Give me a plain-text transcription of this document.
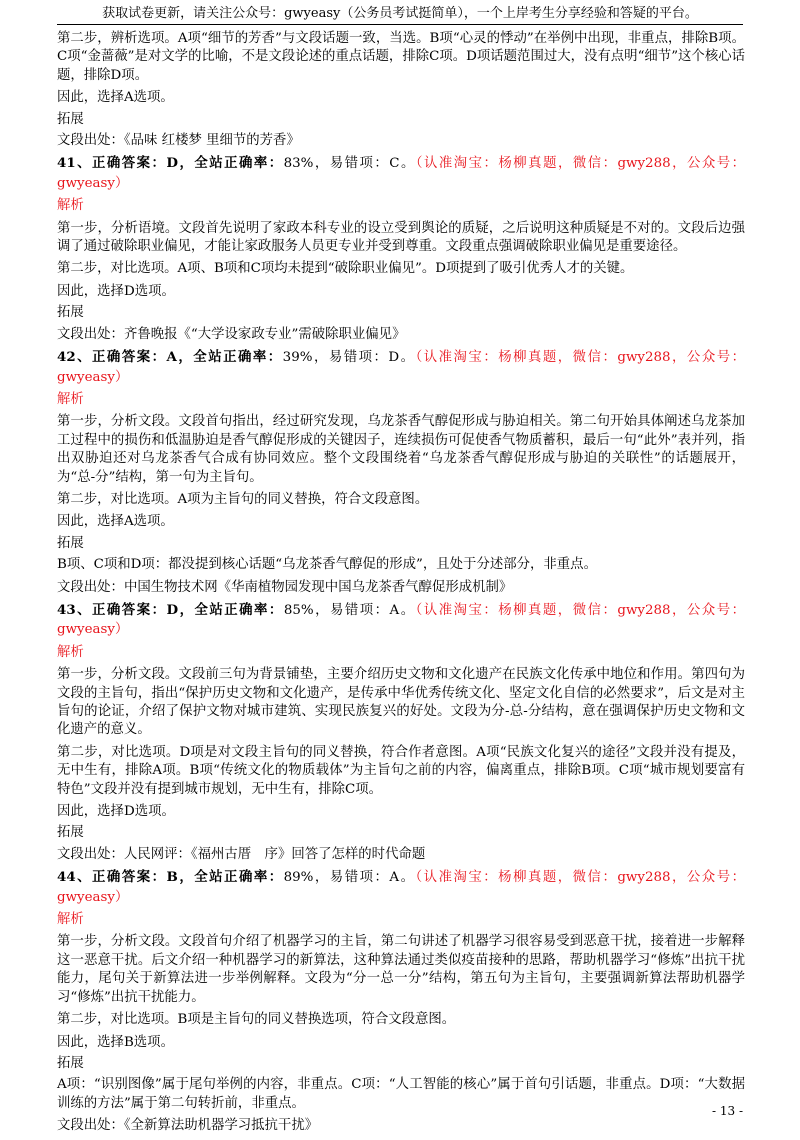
获取试卷更新，请关注公众号：gwyeasy（公务员考试挺简单），一个上岸考生分享经验和答疑的平台。

第二步，辨析选项。A项“细节的芳香”与文段话题一致，当选。B项“心灵的悸动”在举例中出现，非重点，排除B项。C项“金蔷薇”是对文学的比喻，不是文段论述的重点话题，排除C项。D项话题范围过大，没有点明“细节”这个核心话题，排除D项。

因此，选择A选项。

拓展

文段出处：《品味 红楼梦 里细节的芳香》

41、正确答案：D，全站正确率：83%，易错项：C。（认准淘宝：杨柳真题，微信：gwy288，公众号：gwyeasy）

解析

第一步，分析语境。文段首先说明了家政本科专业的设立受到舆论的质疑，之后说明这种质疑是不对的。文段后边强调了通过破除职业偏见，才能让家政服务人员更专业并受到尊重。文段重点强调破除职业偏见是重要途径。

第二步，对比选项。A项、B项和C项均未提到“破除职业偏见”。D项提到了吸引优秀人才的关键。

因此，选择D选项。

拓展

文段出处：齐鲁晚报《“大学设家政专业”需破除职业偏见》

42、正确答案：A，全站正确率：39%，易错项：D。（认准淘宝：杨柳真题，微信：gwy288，公众号：gwyeasy）

解析

第一步，分析文段。文段首句指出，经过研究发现，乌龙茶香气醇促形成与胁迫相关。第二句开始具体阐述乌龙茶加工过程中的损伤和低温胁迫是香气醇促形成的关键因子，连续损伤可促使香气物质蓄积，最后一句“此外”表并列，指出双胁迫还对乌龙茶香气合成有协同效应。整个文段围绕着“乌龙茶香气醇促形成与胁迫的关联性”的话题展开，为“总-分”结构，第一句为主旨句。

第二步，对比选项。A项为主旨句的同义替换，符合文段意图。

因此，选择A选项。

拓展

B项、C项和D项：都没提到核心话题“乌龙茶香气醇促的形成”，且处于分述部分，非重点。

文段出处：中国生物技术网《华南植物园发现中国乌龙茶香气醇促形成机制》

43、正确答案：D，全站正确率：85%，易错项：A。（认准淘宝：杨柳真题，微信：gwy288，公众号：gwyeasy）

解析

第一步，分析文段。文段前三句为背景铺垫，主要介绍历史文物和文化遗产在民族文化传承中地位和作用。第四句为文段的主旨句，指出“保护历史文物和文化遗产，是传承中华优秀传统文化、坚定文化自信的必然要求”，后文是对主旨句的论证，介绍了保护文物对城市建筑、实现民族复兴的好处。文段为分-总-分结构，意在强调保护历史文物和文化遗产的意义。

第二步，对比选项。D项是对文段主旨句的同义替换，符合作者意图。A项“民族文化复兴的途径”文段并没有提及，无中生有，排除A项。B项“传统文化的物质载体”为主旨句之前的内容，偏离重点，排除B项。C项“城市规划要富有特色”文段并没有提到城市规划，无中生有，排除C项。

因此，选择D选项。

拓展

文段出处：人民网评：《福州古厝　序》回答了怎样的时代命题

44、正确答案：B，全站正确率：89%，易错项：A。（认准淘宝：杨柳真题，微信：gwy288，公众号：gwyeasy）

解析

第一步，分析文段。文段首句介绍了机器学习的主旨，第二句讲述了机器学习很容易受到恶意干扰，接着进一步解释这一恶意干扰。后文介绍一种机器学习的新算法，这种算法通过类似疫苗接种的思路，帮助机器学习“修炼”出抗干扰能力，尾句关于新算法进一步举例解释。文段为“分一总一分”结构，第五句为主旨句，主要强调新算法帮助机器学习“修炼”出抗干扰能力。

第二步，对比选项。B项是主旨句的同义替换选项，符合文段意图。

因此，选择B选项。

拓展

A项：“识别图像”属于尾句举例的内容，非重点。C项：“人工智能的核心”属于首句引话题，非重点。D项：“大数据训练的方法”属于第二句转折前，非重点。

文段出处：《全新算法助机器学习抵抗干扰》

- 13 -
